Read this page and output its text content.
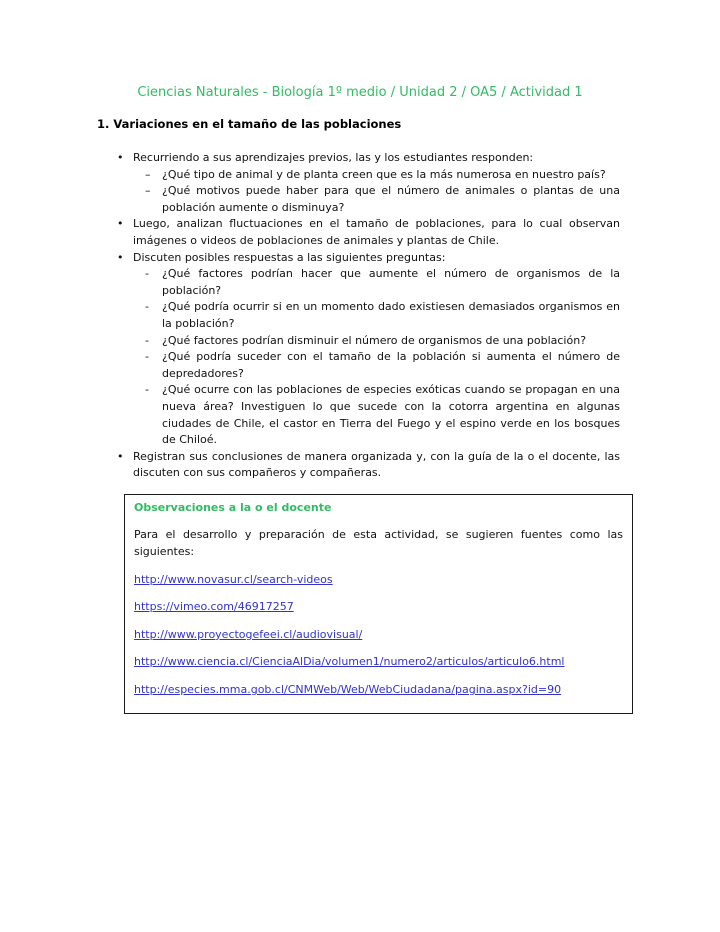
Ciencias Naturales - Biología 1º medio / Unidad 2 / OA5 / Actividad 1
1. Variaciones en el tamaño de las poblaciones
• Recurriendo a sus aprendizajes previos, las y los estudiantes responden:
–	¿Qué tipo de animal y de planta creen que es la más numerosa en nuestro país?
–	¿Qué motivos puede haber para que el número de animales o plantas de una población aumente o disminuya?
• Luego, analizan fluctuaciones en el tamaño de poblaciones, para lo cual observan imágenes o videos de poblaciones de animales y plantas de Chile.
• Discuten posibles respuestas a las siguientes preguntas:
-	¿Qué factores podrían hacer que aumente el número de organismos de la población?
-	¿Qué podría ocurrir si en un momento dado existiesen demasiados organismos en la población?
-	¿Qué factores podrían disminuir el número de organismos de una población?
-	¿Qué podría suceder con el tamaño de la población si aumenta el número de depredadores?
-	¿Qué ocurre con las poblaciones de especies exóticas cuando se propagan en una nueva área? Investiguen lo que sucede con la cotorra argentina en algunas ciudades de Chile, el castor en Tierra del Fuego y el espino verde en los bosques de Chiloé.
• Registran sus conclusiones de manera organizada y, con la guía de la o el docente, las discuten con sus compañeros y compañeras.
Observaciones a la o el docente
Para el desarrollo y preparación de esta actividad, se sugieren fuentes como las siguientes:

http://www.novasur.cl/search-videos

https://vimeo.com/46917257

http://www.proyectogefeei.cl/audiovisual/

http://www.ciencia.cl/CienciaAlDia/volumen1/numero2/articulos/articulo6.html

http://especies.mma.gob.cl/CNMWeb/Web/WebCiudadana/pagina.aspx?id=90
